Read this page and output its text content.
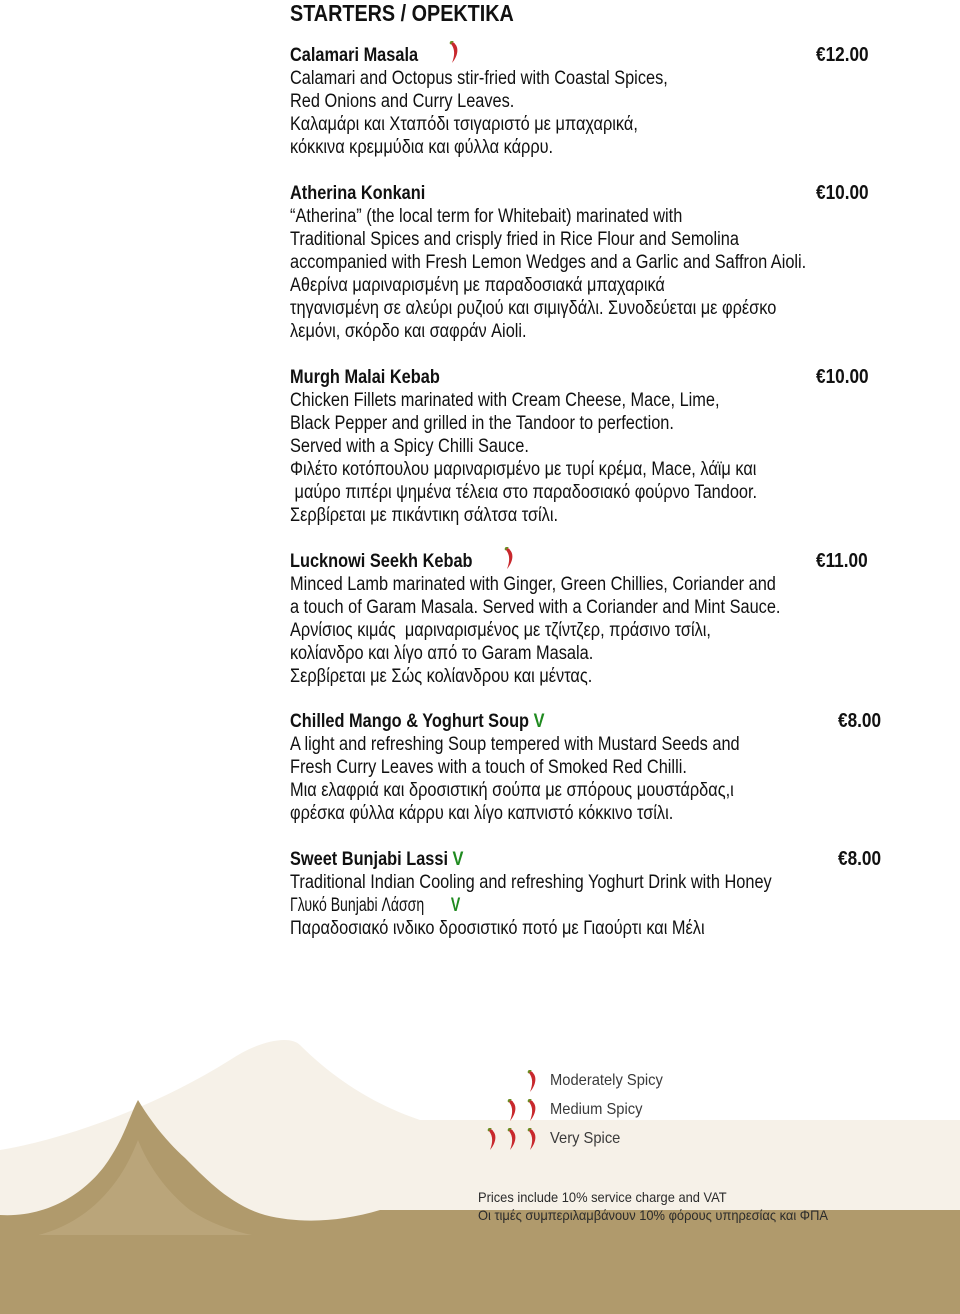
STARTERS / ΟΡΕΚΤΙΚΑ
Calamari Masala	€12.00
Calamari and Octopus stir-fried with Coastal Spices,
Red Onions and Curry Leaves.
Καλαμάρι και Χταπόδι τσιγαριστό με μπαχαρικά,
κόκκινα κρεμμύδια και φύλλα κάρρυ.
Atherina Konkani	€10.00
“Atherina” (the local term for Whitebait) marinated with
Traditional Spices and crisply fried in Rice Flour and Semolina
accompanied with Fresh Lemon Wedges and a Garlic and Saffron Aioli.
Αθερίνα μαριναρισμένη με παραδοσιακά μπαχαρικά
τηγανισμένη σε αλεύρι ρυζιού και σιμιγδάλι. Συνοδεύεται με φρέσκο
λεμόνι, σκόρδο και σαφράν Aioli.
Murgh Malai Kebab	€10.00
Chicken Fillets marinated with Cream Cheese, Mace, Lime,
Black Pepper and grilled in the Tandoor to perfection.
Served with a Spicy Chilli Sauce.
Φιλέτο κοτόπουλου μαριναρισμένο με τυρί κρέμα, Mace, λάϊμ και
μαύρο πιπέρι ψημένα τέλεια στο παραδοσιακό φούρνο Tandoor.
Σερβίρεται με πικάντικη σάλτσα τσίλι.
Lucknowi Seekh Kebab	€11.00
Minced Lamb marinated with Ginger, Green Chillies, Coriander and
a touch of Garam Masala. Served with a Coriander and Mint Sauce.
Αρνίσιος κιμάς  μαριναρισμένος με τζίντζερ, πράσινο τσίλι,
κολίανδρο και λίγο από το Garam Masala.
Σερβίρεται με Σώς κολίανδρου και μέντας.
Chilled Mango & Yoghurt Soup V	€8.00
A light and refreshing Soup tempered with Mustard Seeds and
Fresh Curry Leaves with a touch of Smoked Red Chilli.
Μια ελαφριά και δροσιστική σούπα με σπόρους μουστάρδας,ι
φρέσκα φύλλα κάρρυ και λίγο καπνιστό κόκκινο τσίλι.
Sweet Bunjabi Lassi V	€8.00
Traditional Indian Cooling and refreshing Yoghurt Drink with Honey
Γλυκό Bunjabi Λάσση V
Παραδοσιακό ινδικο δροσιστικό ποτό με Γιαούρτι και Μέλι
Moderately Spicy
Medium Spicy
Very Spice
Prices include 10% service charge and VAT
Οι τιμές συμπεριλαμβάνουν 10% φόρους υπηρεσίας και ΦΠΑ
